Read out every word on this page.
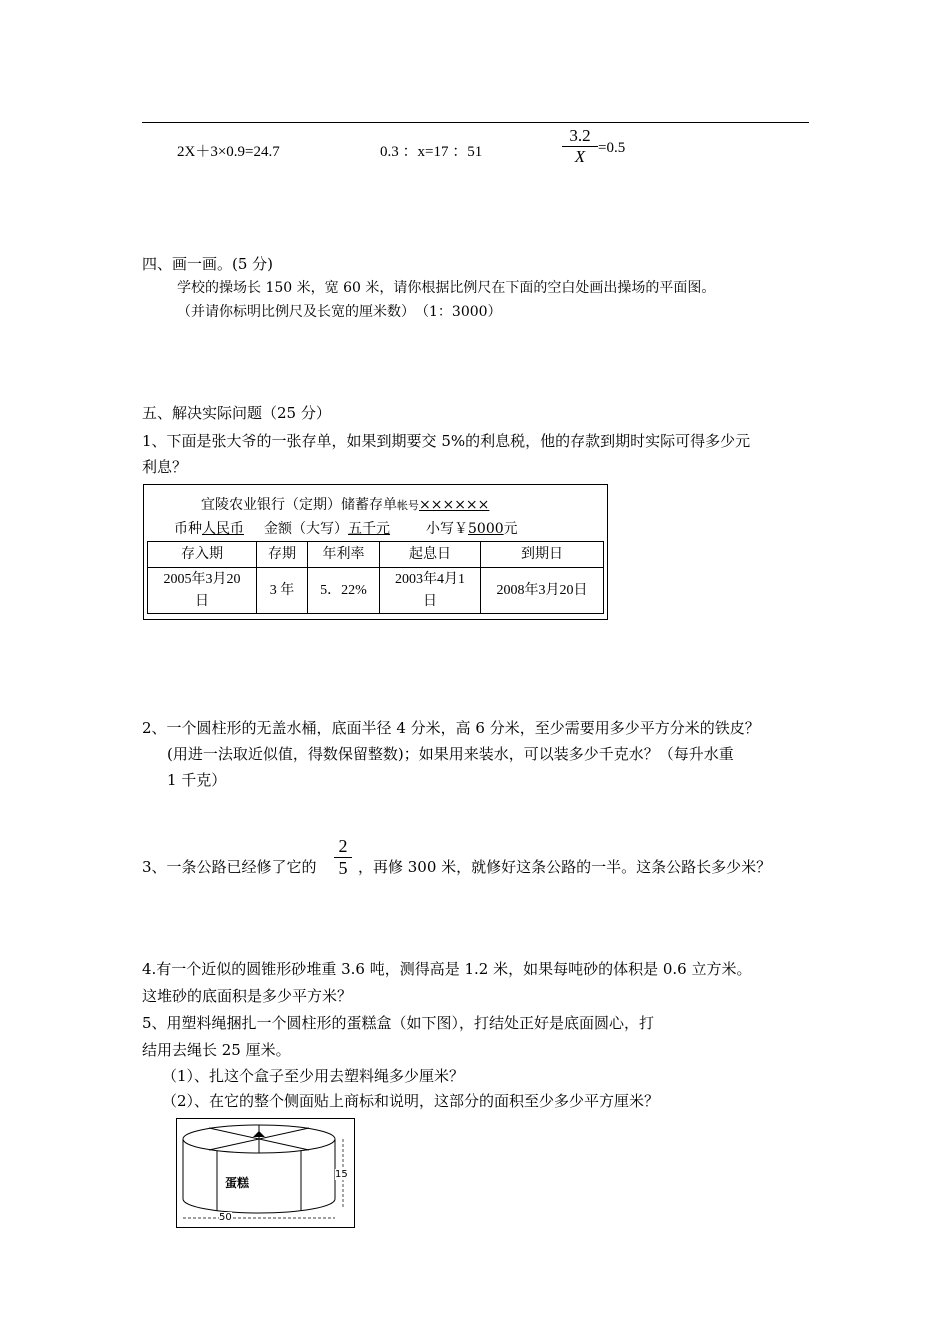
2X＋3×0.9=24.7	0.3 ：x=17 ：51
3.2
X =0.5
四、画一画。(5 分)
学校的操场长 150 米，宽 60 米，请你根据比例尺在下面的空白处画出操场的平面图。
（并请你标明比例尺及长宽的厘米数）　（1：3000）
五、解决实际问题（25 分）
1、下面是张大爷的一张存单，如果到期要交 5%的利息税，他的存款到期时实际可得多少元
利息？
宜陵农业银行（定期）储蓄存单帐号××××××
币种人民币 金额（大写）五千元	小写￥5000元
存入期	存期	年利率	起息日	到期日
2005年3月20
日	3 年	5．22%	2003年4月1
日	2008年3月20日
2、一个圆柱形的无盖水桶，底面半径 4 分米，高 6 分米，至少需要用多少平方分米的铁皮？
(用进一法取近似值，得数保留整数)；如果用来装水，可以装多少千克水？（每升水重
1 千克）
3、一条公路已经修了它的
2
5 ，再修 300 米，就修好这条公路的一半。这条公路长多少米？
4.有一个近似的圆锥形砂堆重 3.6 吨，测得高是 1.2 米，如果每吨砂的体积是 0.6 立方米。
这堆砂的底面积是多少平方米？
5、用塑料绳捆扎一个圆柱形的蛋糕盒（如下图），打结处正好是底面圆心，打
结用去绳长 25 厘米。
（1）、扎这个盒子至少用去塑料绳多少厘米？
（2）、在它的整个侧面贴上商标和说明，这部分的面积至少多少平方厘米？
蛋糕
15
50
